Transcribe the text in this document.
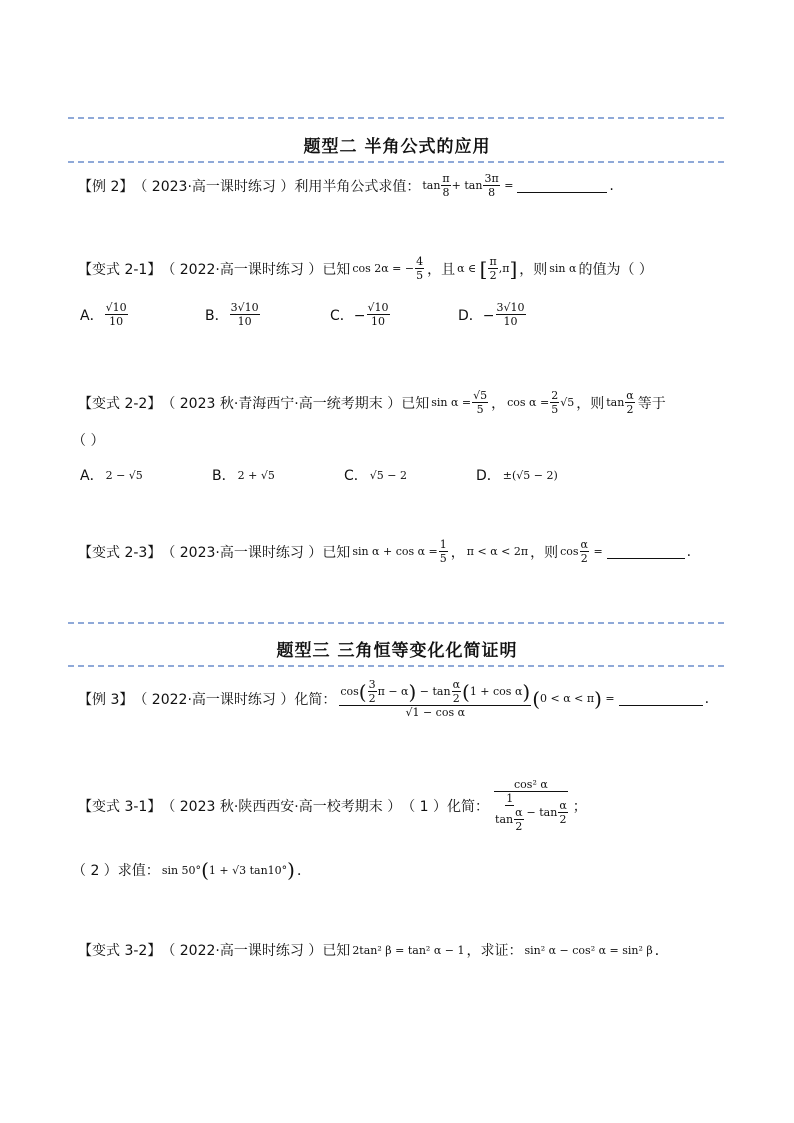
题型二 半角公式的应用
【例 2】 （ 2023·高一课时练习 ） 利用半角公式求值： $\tan \frac{\pi}{8}$ +
$\tan \frac{3\pi}{8}$
=	.
【变式 2-1】 （ 2022·高一课时练习 ） 已知 cos 2α = − $\frac{4}{5}$ ，且 α ∈
[ $\frac{\pi}{2} ,\pi$ ] ，则 sin α 的值为（ ）
A． $\frac{√10}{10}$	B． $\frac{3√10}{10}$	C．− $\frac{√10}{10}$	D．− $\frac{3√10}{10}$
【变式 2-2】 （ 2023 秋·青海西宁·高一统考期末 ） 已知 $\sin \alpha = \frac{√5}{5}$ ， $\cos \alpha = \frac{2}{5} √5$ ，则 $\tan \frac{\alpha}{2}$ 等于
（ ）
A． 2 − √5	B． 2 + √5	C． √5 − 2	D． ±(√5 − 2)
【变式 2-3】 （ 2023·高一课时练习 ） 已知 $\sin \alpha + \cos \alpha = \frac{1}{5}$ ， π < α < 2π ，则 $\cos \frac{\alpha}{2}$
=	.
题型三 三角恒等变化化简证明
【例 3】 （ 2022·高一课时练习 ） 化简： cos ( $\frac{3}{2}$ π − α )
− $\tan \frac{\alpha}{2}$ ( 1 + cos α )
√1 − cos α
( 0 < α < π )
=	.
【变式 3-1】 （ 2023 秋·陕西西安·高一校考期末 ） （ 1 ）化简：
cos² α
$\frac{1}{\tan \frac{\alpha}{2}} - \tan \frac{\alpha}{2}$ ；
（ 2 ）求值： sin 50° ( 1 + √3 tan10° ) ．
【变式 3-2】 （ 2022·高一课时练习 ） 已知 2tan² β = tan² α − 1 ，求证： sin² α − cos² α = sin² β ．
